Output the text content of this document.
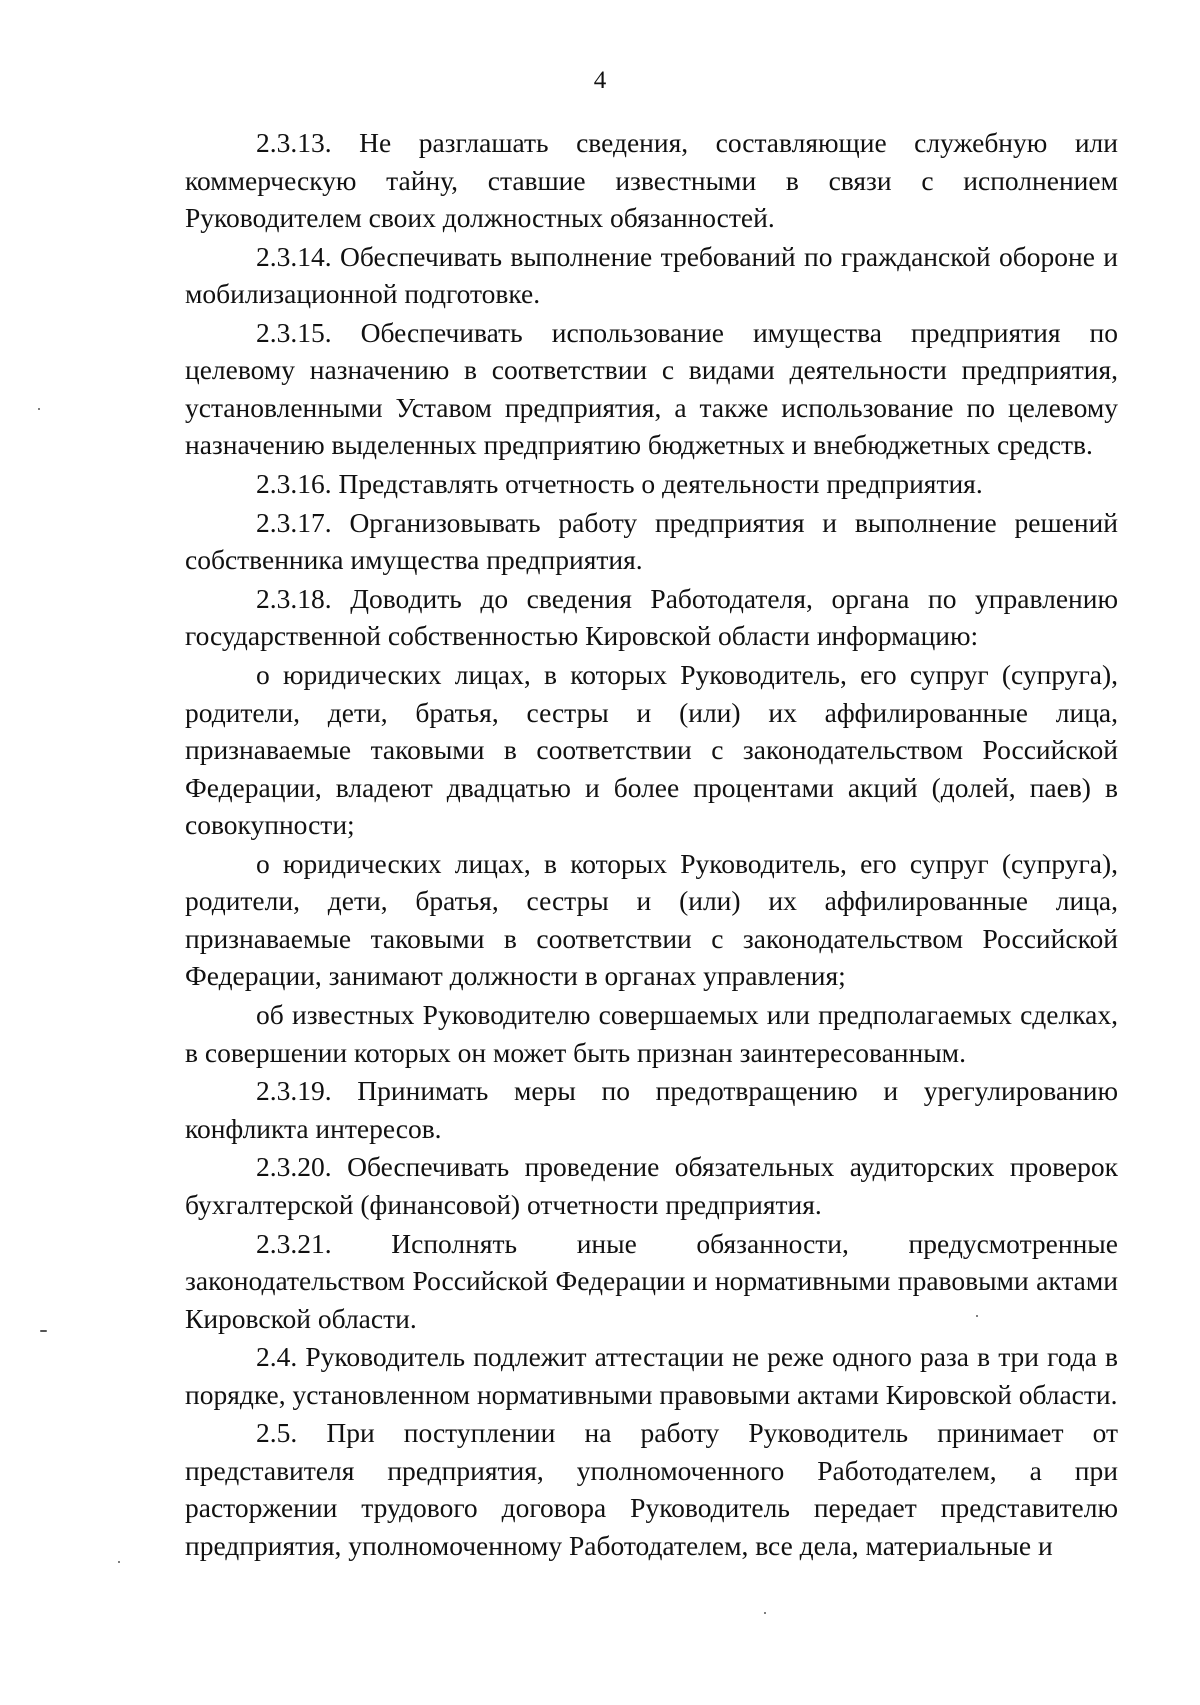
4

2.3.13. Не разглашать сведения, составляющие служебную или коммерческую тайну, ставшие известными в связи с исполнением Руководителем своих должностных обязанностей.

2.3.14. Обеспечивать выполнение требований по гражданской обороне и мобилизационной подготовке.

2.3.15. Обеспечивать использование имущества предприятия по целевому назначению в соответствии с видами деятельности предприятия, установленными Уставом предприятия, а также использование по целевому назначению выделенных предприятию бюджетных и внебюджетных средств.

2.3.16. Представлять отчетность о деятельности предприятия.

2.3.17. Организовывать работу предприятия и выполнение решений собственника имущества предприятия.

2.3.18. Доводить до сведения Работодателя, органа по управлению государственной собственностью Кировской области информацию:

о юридических лицах, в которых Руководитель, его супруг (супруга), родители, дети, братья, сестры и (или) их аффилированные лица, признаваемые таковыми в соответствии с законодательством Российской Федерации, владеют двадцатью и более процентами акций (долей, паев) в совокупности;

о юридических лицах, в которых Руководитель, его супруг (супруга), родители, дети, братья, сестры и (или) их аффилированные лица, признаваемые таковыми в соответствии с законодательством Российской Федерации, занимают должности в органах управления;

об известных Руководителю совершаемых или предполагаемых сделках, в совершении которых он может быть признан заинтересованным.

2.3.19. Принимать меры по предотвращению и урегулированию конфликта интересов.

2.3.20. Обеспечивать проведение обязательных аудиторских проверок бухгалтерской (финансовой) отчетности предприятия.

2.3.21. Исполнять иные обязанности, предусмотренные законодательством Российской Федерации и нормативными правовыми актами Кировской области.

2.4. Руководитель подлежит аттестации не реже одного раза в три года в порядке, установленном нормативными правовыми актами Кировской области.

2.5. При поступлении на работу Руководитель принимает от представителя предприятия, уполномоченного Работодателем, а при расторжении трудового договора Руководитель передает представителю предприятия, уполномоченному Работодателем, все дела, материальные и
